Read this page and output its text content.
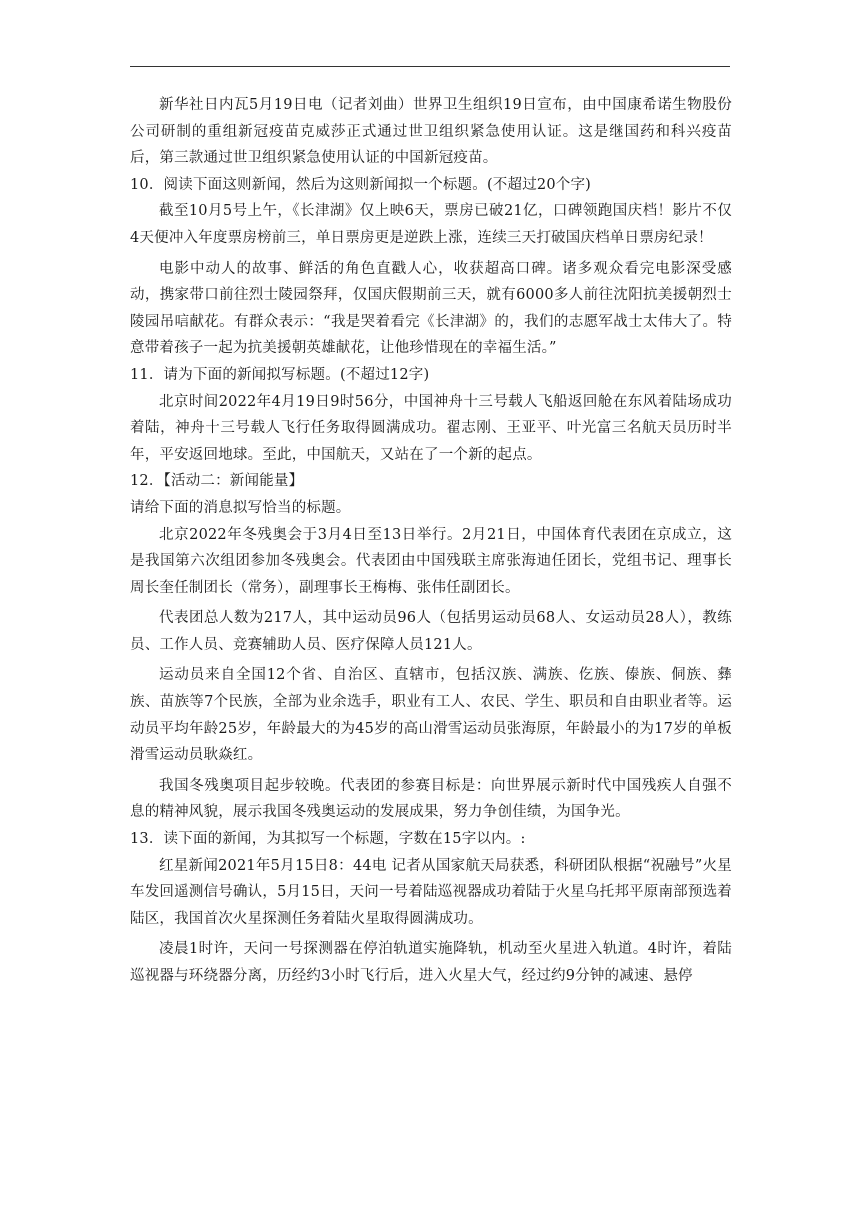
新华社日内瓦5月19日电（记者刘曲）世界卫生组织19日宣布，由中国康希诺生物股份公司研制的重组新冠疫苗克威莎正式通过世卫组织紧急使用认证。这是继国药和科兴疫苗后，第三款通过世卫组织紧急使用认证的中国新冠疫苗。

10．阅读下面这则新闻，然后为这则新闻拟一个标题。(不超过20个字)

截至10月5号上午，《长津湖》仅上映6天，票房已破21亿，口碑领跑国庆档！影片不仅4天便冲入年度票房榜前三，单日票房更是逆跌上涨，连续三天打破国庆档单日票房纪录！

电影中动人的故事、鲜活的角色直戳人心，收获超高口碑。诸多观众看完电影深受感动，携家带口前往烈士陵园祭拜，仅国庆假期前三天，就有6000多人前往沈阳抗美援朝烈士陵园吊唁献花。有群众表示：“我是哭着看完《长津湖》的，我们的志愿军战士太伟大了。特意带着孩子一起为抗美援朝英雄献花，让他珍惜现在的幸福生活。”

11．请为下面的新闻拟写标题。(不超过12字)

北京时间2022年4月19日9时56分，中国神舟十三号载人飞船返回舱在东风着陆场成功着陆，神舟十三号载人飞行任务取得圆满成功。翟志刚、王亚平、叶光富三名航天员历时半年，平安返回地球。至此，中国航天，又站在了一个新的起点。

12．【活动二：新闻能量】

请给下面的消息拟写恰当的标题。

北京2022年冬残奥会于3月4日至13日举行。2月21日，中国体育代表团在京成立，这是我国第六次组团参加冬残奥会。代表团由中国残联主席张海迪任团长，党组书记、理事长周长奎任制团长（常务），副理事长王梅梅、张伟任副团长。

代表团总人数为217人，其中运动员96人（包括男运动员68人、女运动员28人），教练员、工作人员、竞赛辅助人员、医疗保障人员121人。

运动员来自全国12个省、自治区、直辖市，包括汉族、满族、仡族、傣族、侗族、彝族、苗族等7个民族，全部为业余选手，职业有工人、农民、学生、职员和自由职业者等。运动员平均年龄25岁，年龄最大的为45岁的高山滑雪运动员张海原，年龄最小的为17岁的单板滑雪运动员耿焱红。

我国冬残奥项目起步较晚。代表团的参赛目标是：向世界展示新时代中国残疾人自强不息的精神风貌，展示我国冬残奥运动的发展成果，努力争创佳绩，为国争光。

13．读下面的新闻，为其拟写一个标题，字数在15字以内。:

红星新闻2021年5月15日8：44电 记者从国家航天局获悉，科研团队根据“祝融号”火星车发回遥测信号确认，5月15日，天问一号着陆巡视器成功着陆于火星乌托邦平原南部预选着陆区，我国首次火星探测任务着陆火星取得圆满成功。

凌晨1时许，天问一号探测器在停泊轨道实施降轨，机动至火星进入轨道。4时许，着陆巡视器与环绕器分离，历经约3小时飞行后，进入火星大气，经过约9分钟的减速、悬停
